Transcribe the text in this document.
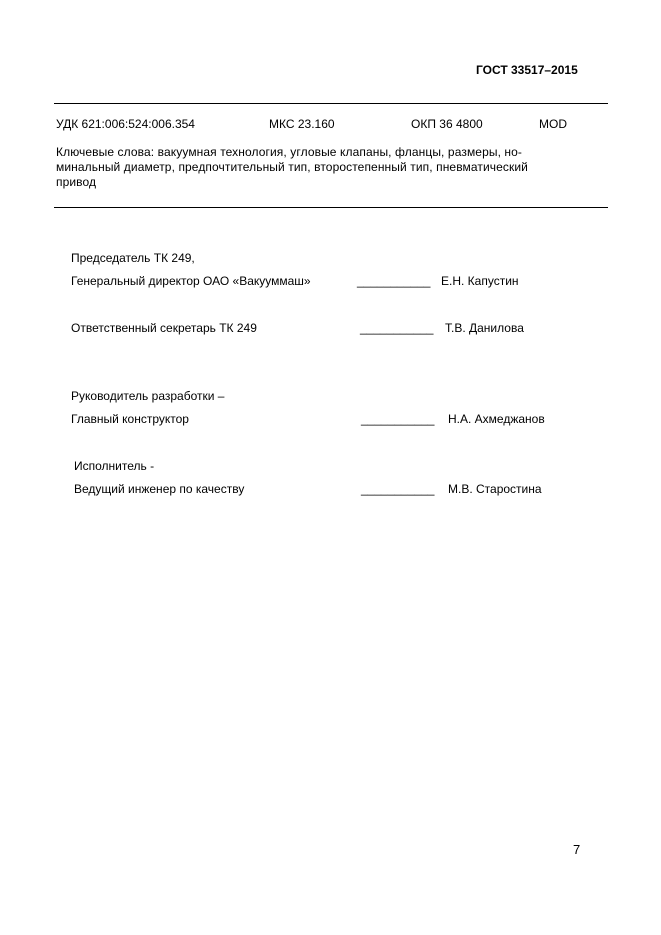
ГОСТ 33517–2015
УДК 621:006:524:006.354	МКС 23.160	ОКП 36 4800	MOD
Ключевые слова: вакуумная технология, угловые клапаны, фланцы, размеры, но-
минальный диаметр, предпочтительный тип, второстепенный тип, пневматический
привод
Председатель ТК 249,
Генеральный директор ОАО «Вакууммаш»	___________ Е.Н. Капустин
Ответственный секретарь ТК 249	___________ Т.В. Данилова
Руководитель разработки –
Главный конструктор	___________ Н.А. Ахмеджанов
Исполнитель -
Ведущий инженер по качеству	___________ М.В. Старостина
7
